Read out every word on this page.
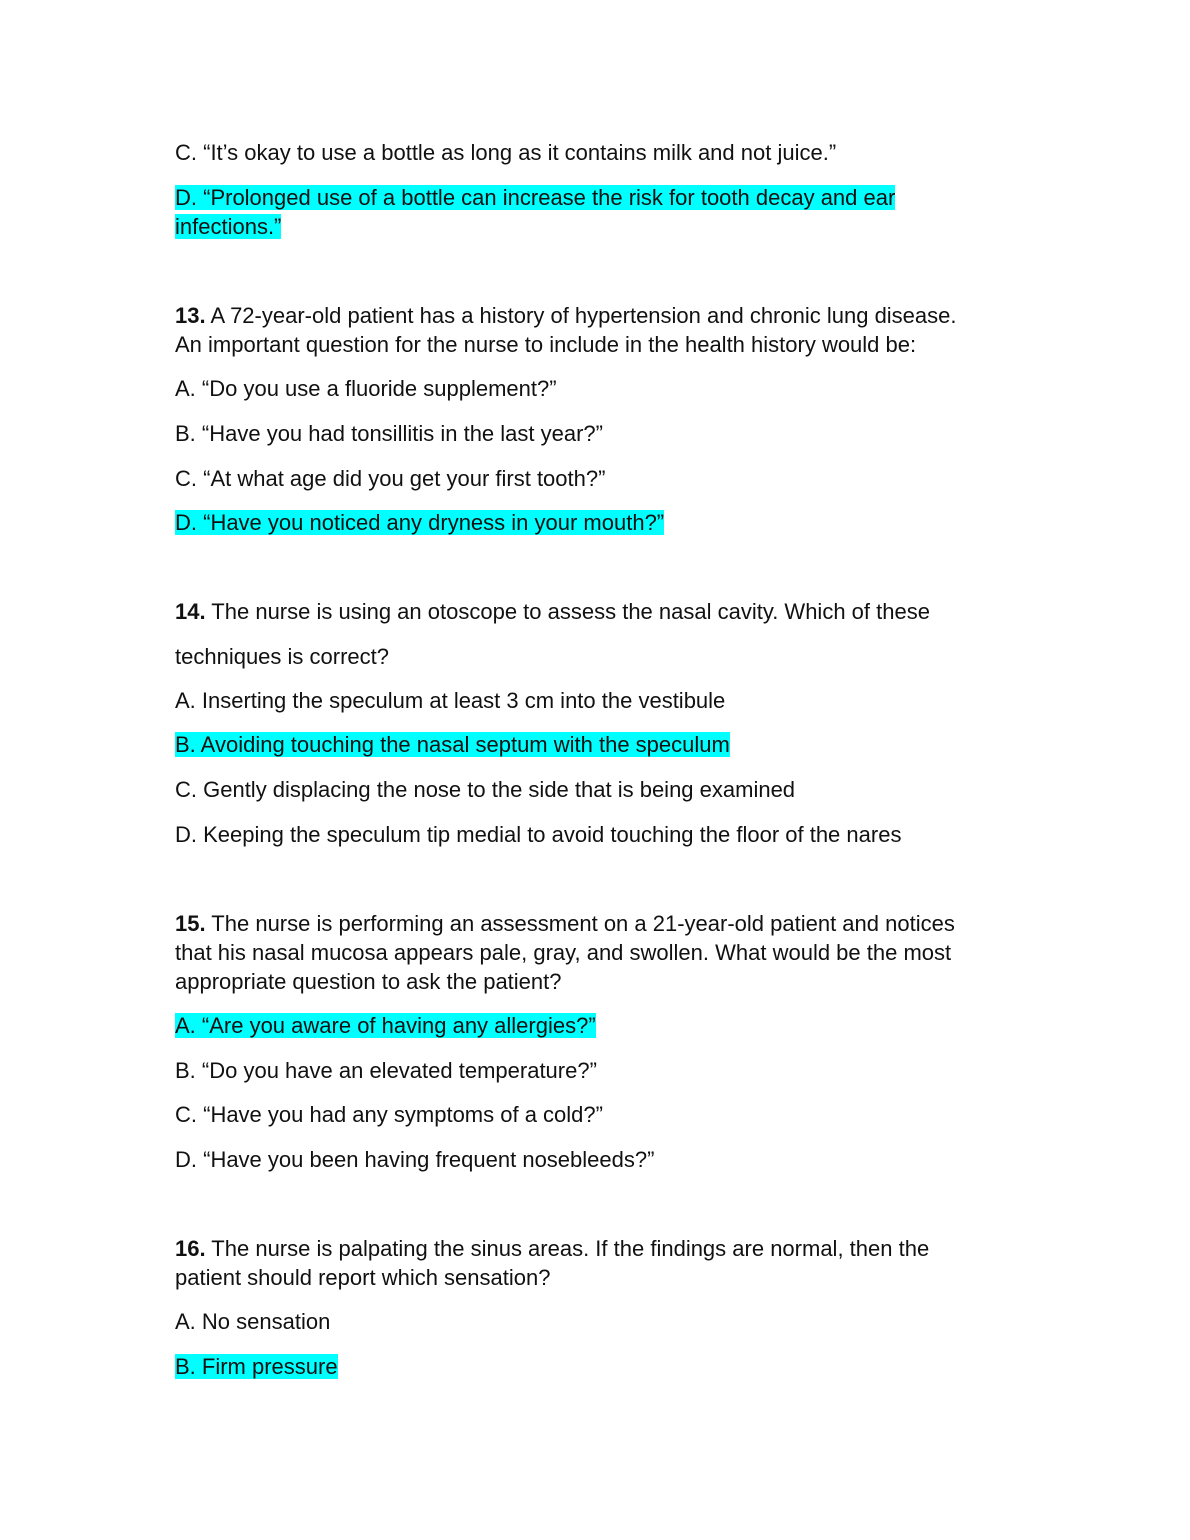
C. “It’s okay to use a bottle as long as it contains milk and not juice.”
D. “Prolonged use of a bottle can increase the risk for tooth decay and ear
infections.”
13. A 72-year-old patient has a history of hypertension and chronic lung disease.
An important question for the nurse to include in the health history would be:
A. “Do you use a fluoride supplement?”
B. “Have you had tonsillitis in the last year?”
C. “At what age did you get your first tooth?”
D. “Have you noticed any dryness in your mouth?”
14. The nurse is using an otoscope to assess the nasal cavity. Which of these
techniques is correct?
A. Inserting the speculum at least 3 cm into the vestibule
B. Avoiding touching the nasal septum with the speculum
C. Gently displacing the nose to the side that is being examined
D. Keeping the speculum tip medial to avoid touching the floor of the nares
15. The nurse is performing an assessment on a 21-year-old patient and notices
that his nasal mucosa appears pale, gray, and swollen. What would be the most
appropriate question to ask the patient?
A. “Are you aware of having any allergies?”
B. “Do you have an elevated temperature?”
C. “Have you had any symptoms of a cold?”
D. “Have you been having frequent nosebleeds?”
16. The nurse is palpating the sinus areas. If the findings are normal, then the
patient should report which sensation?
A. No sensation
B. Firm pressure
